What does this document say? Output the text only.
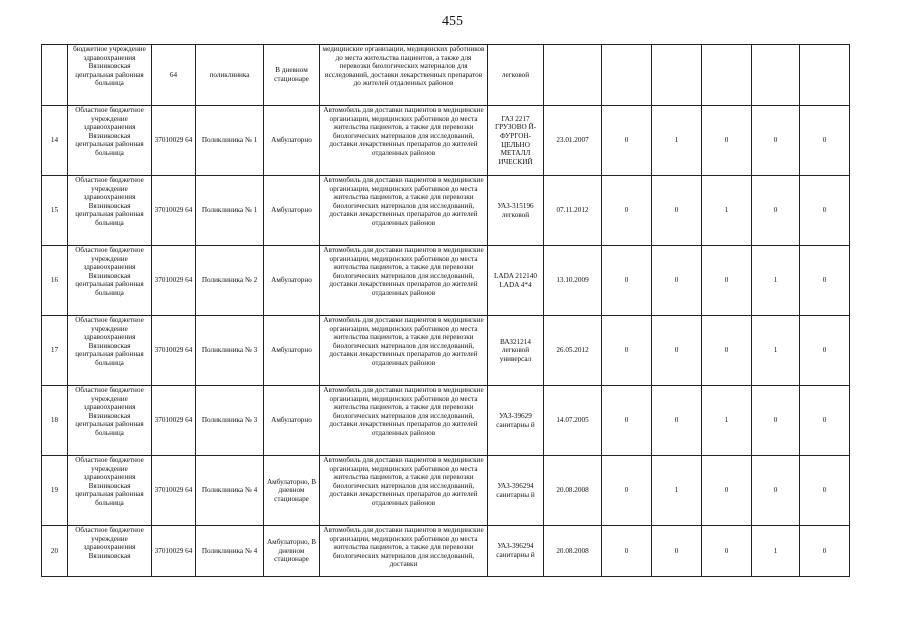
455
	бюджетное учреждение здравоохранения Вязниковская центральная районная больница	64	поликлиника	В дневном стационаре	медицинские организации, медицинских работников до места жительства пациентов, а также для перевозки биологических материалов для исследований, доставки лекарственных препаратов до жителей отдаленных районов	легковой						
14	Областное бюджетное учреждение здравоохранения Вязниковская центральная районная больница	37010029 64	Поликлиника № 1	Амбулаторно	Автомобиль для доставки пациентов в медицинские организации, медицинских работников до места жительства пациентов, а также для перевозки биологических материалов для исследований, доставки лекарственных препаратов до жителей отдаленных районов	ГАЗ 2217 ГРУЗОВО Й-ФУРГОН-ЦЕЛЬНО МЕТАЛЛ ИЧЕСКИЙ	23.01.2007	0	1	0	0	0
15	Областное бюджетное учреждение здравоохранения Вязниковская центральная районная больница	37010029 64	Поликлиника № 1	Амбулаторно	Автомобиль для доставки пациентов в медицинские организации, медицинских работников до места жительства пациентов, а также для перевозки биологических материалов для исследований, доставки лекарственных препаратов до жителей отдаленных районов	УАЗ-315196 легковой	07.11.2012	0	0	1	0	0
16	Областное бюджетное учреждение здравоохранения Вязниковская центральная районная больница	37010029 64	Поликлиника № 2	Амбулаторно	Автомобиль для доставки пациентов в медицинские организации, медицинских работников до места жительства пациентов, а также для перевозки биологических материалов для исследований, доставки лекарственных препаратов до жителей отдаленных районов	LADA 212140 LADA 4*4	13.10.2009	0	0	0	1	0
17	Областное бюджетное учреждение здравоохранения Вязниковская центральная районная больница	37010029 64	Поликлиника № 3	Амбулаторно	Автомобиль для доставки пациентов в медицинские организации, медицинских работников до места жительства пациентов, а также для перевозки биологических материалов для исследований, доставки лекарственных препаратов до жителей отдаленных районов	ВАЗ21214 легковой универсал	26.05.2012	0	0	0	1	0
18	Областное бюджетное учреждение здравоохранения Вязниковская центральная районная больница	37010029 64	Поликлиника № 3	Амбулаторно	Автомобиль для доставки пациентов в медицинские организации, медицинских работников до места жительства пациентов, а также для перевозки биологических материалов для исследований, доставки лекарственных препаратов до жителей отдаленных районов	УАЗ-39629 санитарны й	14.07.2005	0	0	1	0	0
19	Областное бюджетное учреждение здравоохранения Вязниковская центральная районная больница	37010029 64	Поликлиника № 4	Амбулаторно, В дневном стационаре	Автомобиль для доставки пациентов в медицинские организации, медицинских работников до места жительства пациентов, а также для перевозки биологических материалов для исследований, доставки лекарственных препаратов до жителей отдаленных районов	УАЗ-396294 санитарны й	20.08.2008	0	1	0	0	0
20	Областное бюджетное учреждение здравоохранения Вязниковская	37010029 64	Поликлиника № 4	Амбулаторно, В дневном стационаре	Автомобиль для доставки пациентов в медицинские организации, медицинских работников до места жительства пациентов, а также для перевозки биологических материалов для исследований, доставки	УАЗ-396294 санитарны й	20.08.2008	0	0	0	1	0
